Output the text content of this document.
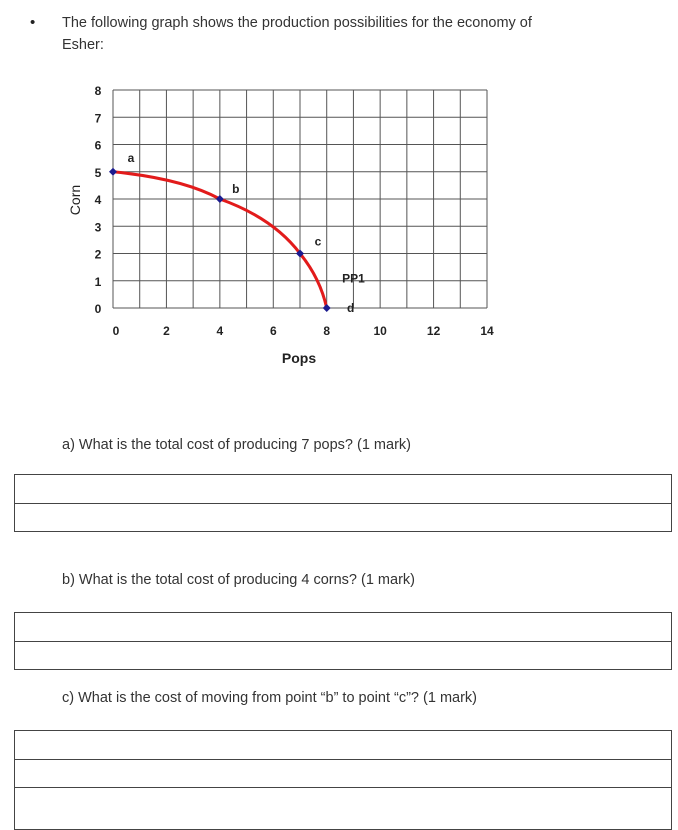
• The following graph shows the production possibilities for the economy of
Esher:
8
7
6
5
4
3
2
1
0
0	2	4	6	8	10	12	14
Pops
Corn
a
b
c
d
PP1
a) What is the total cost of producing 7 pops? (1 mark)
b) What is the total cost of producing 4 corns? (1 mark)
c) What is the cost of moving from point “b” to point “c”? (1 mark)
